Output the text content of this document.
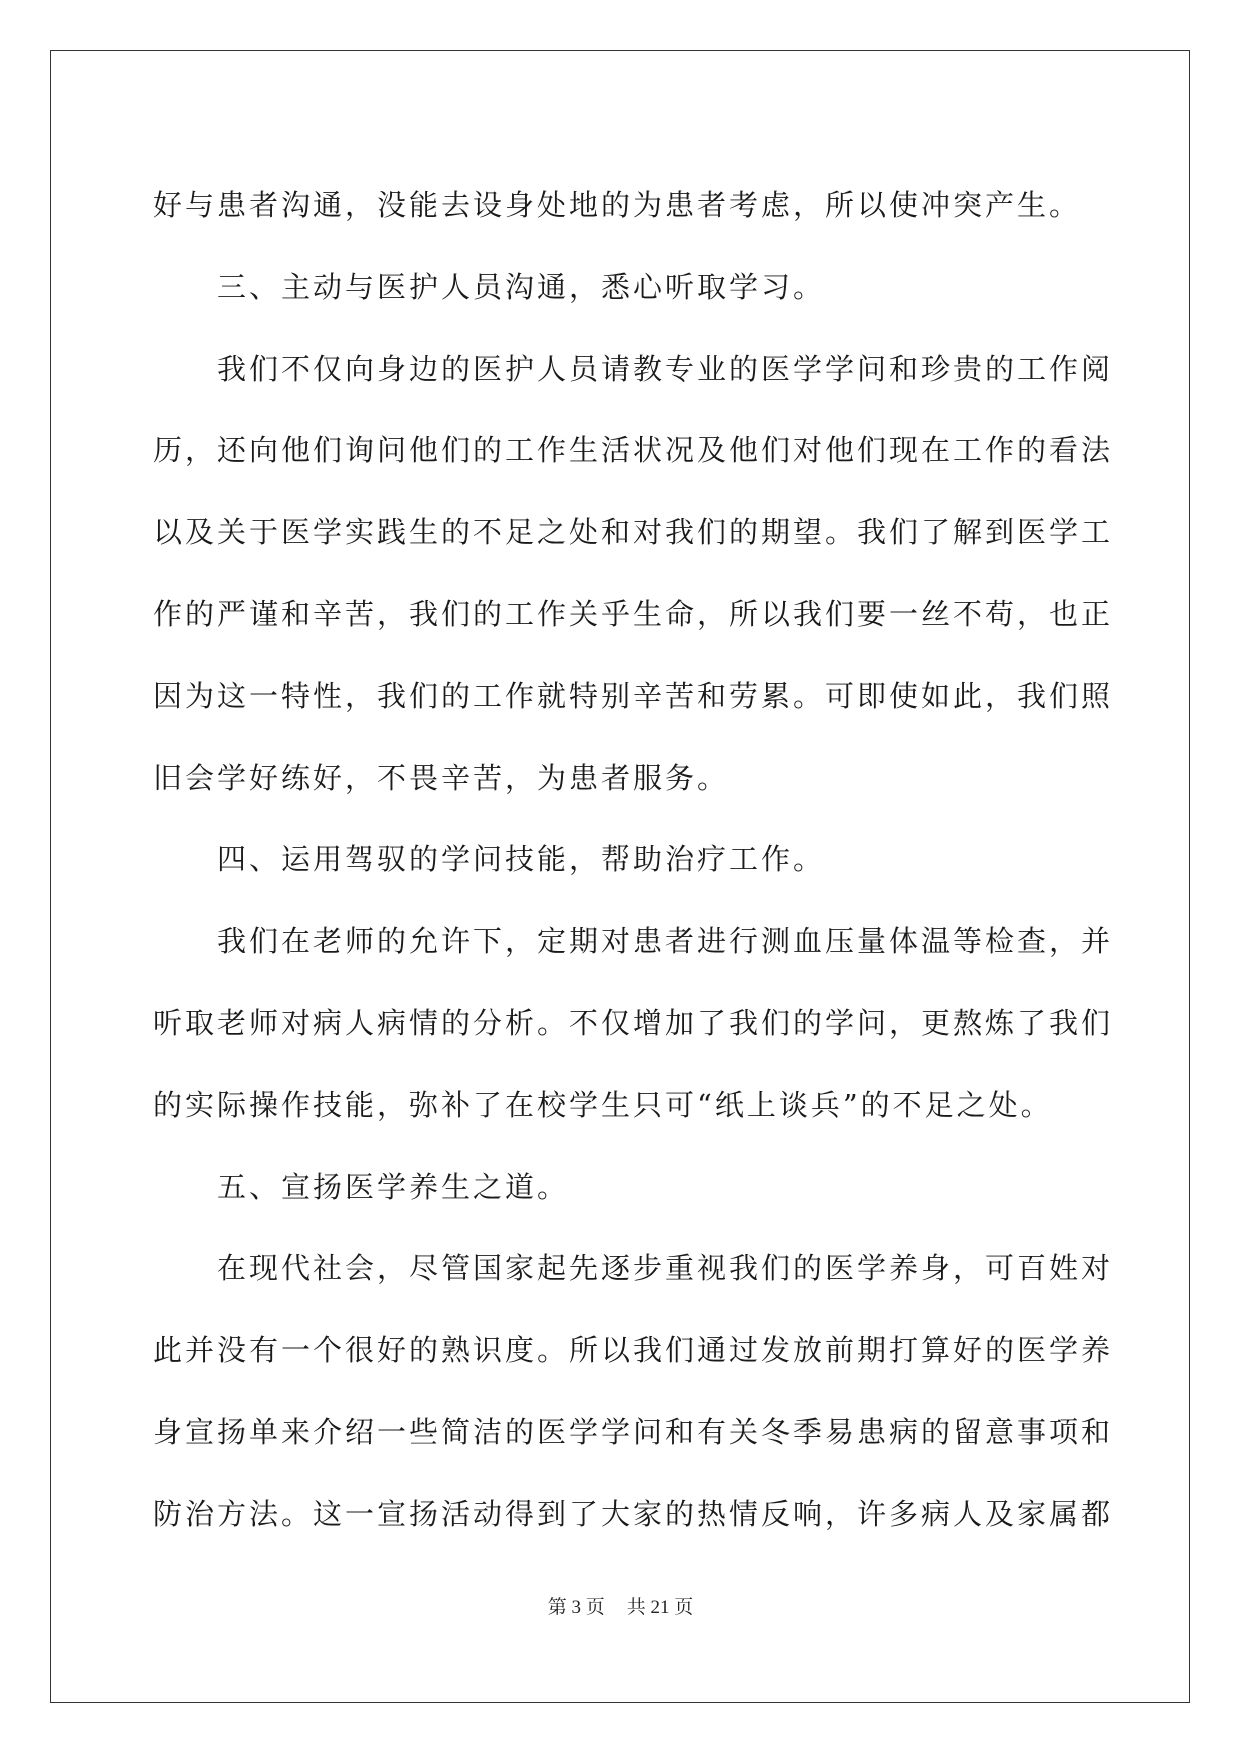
好与患者沟通，没能去设身处地的为患者考虑，所以使冲突产生。
三、主动与医护人员沟通，悉心听取学习。
我们不仅向身边的医护人员请教专业的医学学问和珍贵的工作阅
历，还向他们询问他们的工作生活状况及他们对他们现在工作的看法
以及关于医学实践生的不足之处和对我们的期望。我们了解到医学工
作的严谨和辛苦，我们的工作关乎生命，所以我们要一丝不苟，也正
因为这一特性，我们的工作就特别辛苦和劳累。可即使如此，我们照
旧会学好练好，不畏辛苦，为患者服务。
四、运用驾驭的学问技能，帮助治疗工作。
我们在老师的允许下，定期对患者进行测血压量体温等检查，并
听取老师对病人病情的分析。不仅增加了我们的学问，更熬炼了我们
的实际操作技能，弥补了在校学生只可“纸上谈兵”的不足之处。
五、宣扬医学养生之道。
在现代社会，尽管国家起先逐步重视我们的医学养身，可百姓对
此并没有一个很好的熟识度。所以我们通过发放前期打算好的医学养
身宣扬单来介绍一些简洁的医学学问和有关冬季易患病的留意事项和
防治方法。这一宣扬活动得到了大家的热情反响，许多病人及家属都
第 3 页 共 21 页
